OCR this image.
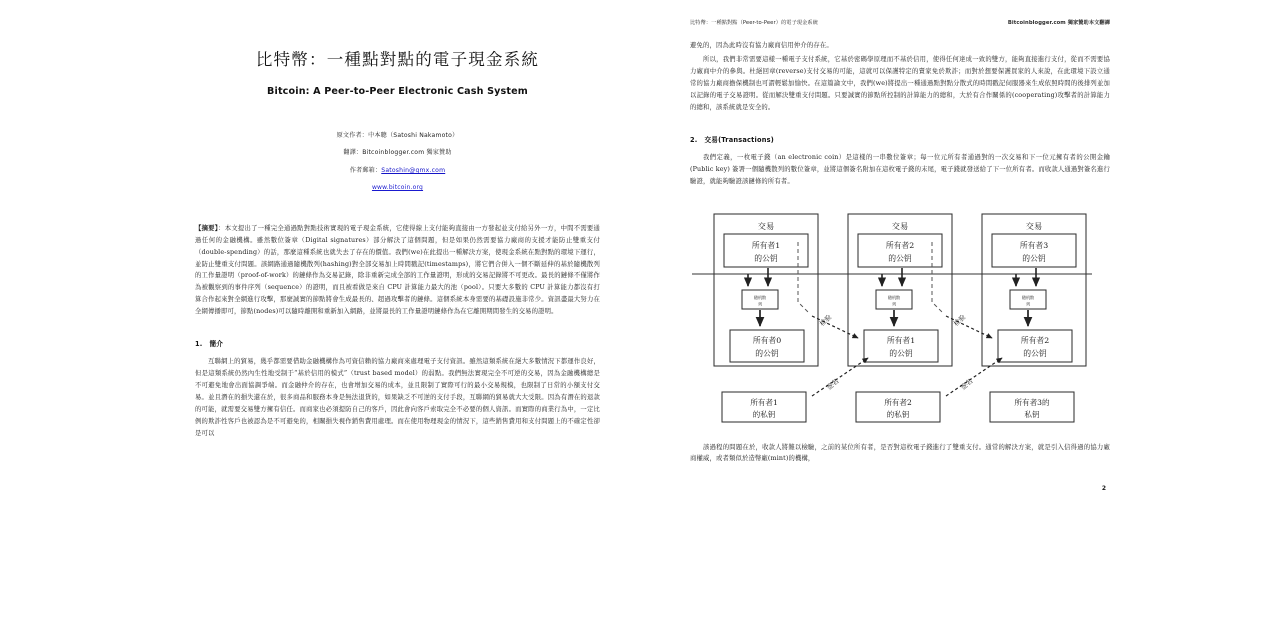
比特幣：一種點對點的電子現金系統
Bitcoin: A Peer-to-Peer Electronic Cash System

原文作者：中本聰（Satoshi Nakamoto）

翻譯：Bitcoinblogger.com 獨家贊助

作者郵箱：Satoshin@gmx.com

www.bitcoin.org

【摘要】：本文提出了一種完全通過點對點技術實現的電子現金系統，它使得線上支付能夠直接由一方發起並支付給另外一方，中間不需要通過任何的金融機構。雖然數位簽章（Digital signatures）部分解決了這個問題，但是如果仍然需要協力廠商的支援才能防止雙重支付（double-spending）的話，那麼這種系統也就失去了存在的價值。我們(we)在此提出一種解決方案，使現金系統在點對點的環境下運行，並防止雙重支付問題。該網路通過隨機散列(hashing)對全部交易加上時間戳記(timestamps)，將它們合併入一個不斷延伸的基於隨機散列的工作量證明（proof-of-work）的鏈條作為交易記錄，除非重新完成全部的工作量證明，形成的交易記錄將不可更改。最長的鏈條不僅將作為被觀察到的事件序列（sequence）的證明，而且被看做是來自 CPU 計算能力最大的池（pool）。只要大多數的 CPU 計算能力都沒有打算合作起來對全網進行攻擊，那麼誠實的節點將會生成最長的、超過攻擊者的鏈條。這個系統本身需要的基礎設施非常少。資訊盡最大努力在全網傳播即可，節點(nodes)可以隨時離開和重新加入網路，並將最長的工作量證明鏈條作為在它離開期間發生的交易的證明。

1. 簡介

互聯網上的貿易，幾乎都需要借助金融機構作為可資信賴的協力廠商來處理電子支付資訊。雖然這類系統在絕大多數情況下都運作良好，但是這類系統仍然內生性地受制于“基於信用的模式”（trust based model）的弱點。我們無法實現完全不可逆的交易，因為金融機構總是不可避免地會出面協調爭端。而金融仲介的存在，也會增加交易的成本，並且限制了實際可行的最小交易規模，也限制了日常的小額支付交易。並且潛在的損失還在於，很多商品和服務本身是無法退貨的，如果缺乏不可逆的支付手段，互聯網的貿易就大大受限。因為有潛在的退款的可能，就需要交易雙方擁有信任。而商家也必須提防自己的客戶，因此會向客戶索取完全不必要的個人資訊。而實際的商業行為中，一定比例的欺詐性客戶也被認為是不可避免的，相關損失視作銷售費用處理。而在使用物理現金的情況下，這些銷售費用和支付問題上的不確定性卻是可以

比特幣：一種點對點（Peer-to-Peer）的電子現金系統	Bitcoinblogger.com 獨家贊助本文翻譯

避免的，因為此時沒有協力廠商信用仲介的存在。

所以，我們非常需要這樣一種電子支付系統，它基於密碼學原理而不基於信用，使得任何達成一致的雙方，能夠直接進行支付，從而不需要協力廠商中介的參與。杜絕回章(reverse)支付交易的可能，這就可以保護特定的賣家免於欺詐；而對於想要保護買家的人來說，在此環境下設立通常的協力廠商擔保機制也可謂輕鬆加愉快。在這篇論文中，我們(we)將提出一種通過點對點分散式的時間戳記伺服器來生成依照時間的後排列並加以記錄的電子交易證明。從而解決雙重支付問題。只要誠實的節點所控制的計算能力的總和，大於有合作關係的(cooperating)攻擊者的計算能力的總和，該系統就是安全的。

2. 交易(Transactions)

我們定義，一枚電子錢（an electronic coin）是這樣的一串數位簽章；每一位元所有者通過對的一次交易和下一位元擁有者的公開金鑰(Public key) 簽署一個隨機散列的數位簽章，並將這個簽名附加在這枚電子錢的末尾，電子錢就發送給了下一位所有者。而收款人通過對簽名進行驗證，就能夠驗證該鏈條的所有者。

交易	交易	交易
所有者1
的公钥
所有者2
的公钥
所有者3
的公钥
随机散
列
随机散
列
随机散
列
所有者0
的公钥
所有者1
的公钥
所有者2
的公钥
所有者1
的私钥
所有者2
的私钥
所有者3的
私钥
检验	检验
签名	签名

該過程的問題在於，收款人將難以檢驗，之前的某位所有者，是否對這枚電子錢進行了雙重支付。通常的解決方案，就是引入信得過的協力廠商權威，或者類似於造幣廠(mint)的機構，

2
